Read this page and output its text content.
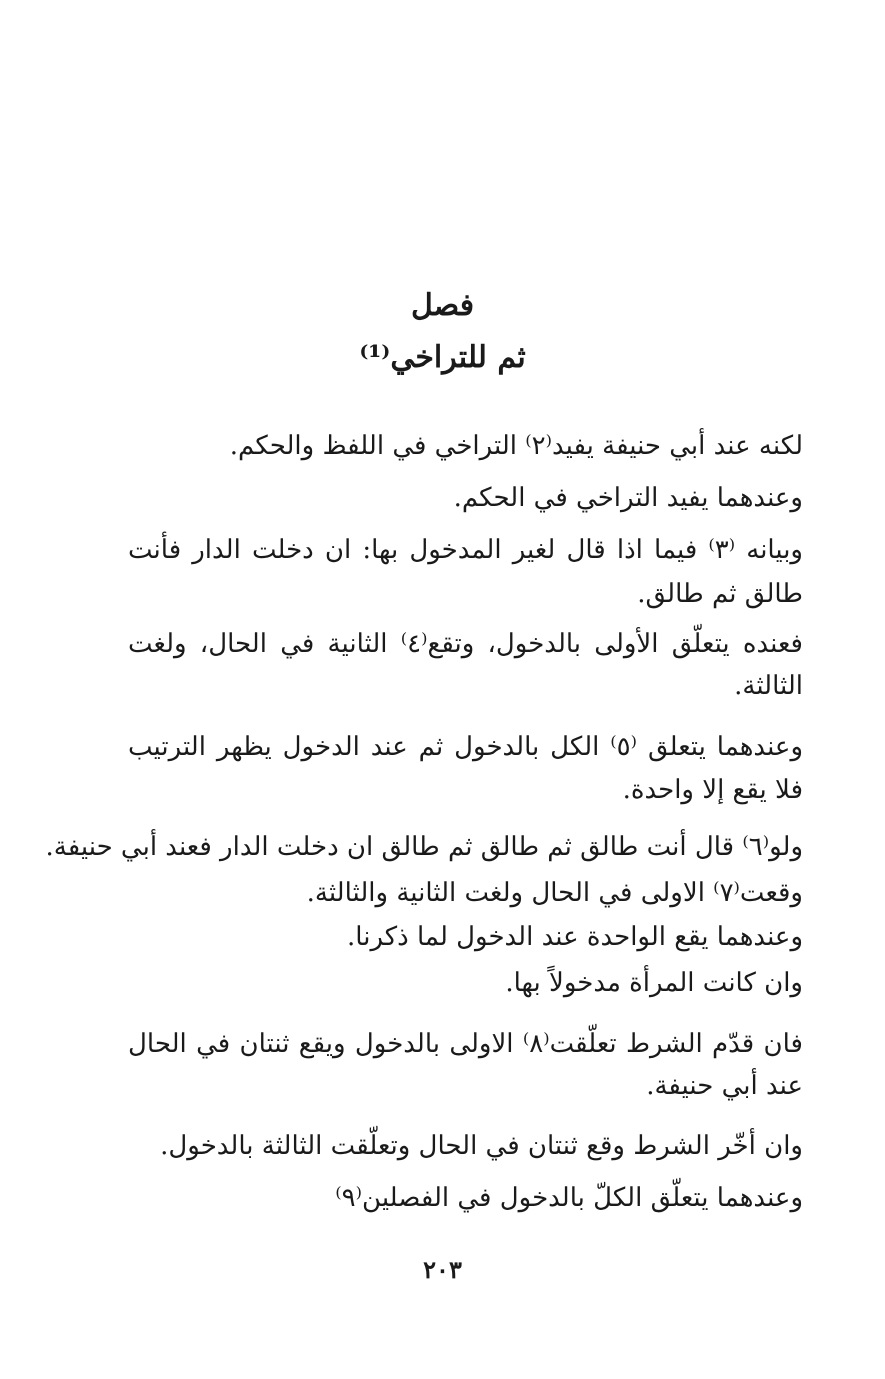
فصل
ثم للتراخي⁽¹⁾
لكنه عند أبي حنيفة يفيد⁽٢⁾ التراخي في اللفظ والحكم.
وعندهما يفيد التراخي في الحكم.
وبيانه ⁽٣⁾ فيما اذا قال لغير المدخول بها: ان دخلت الدار فأنت
طالق ثم طالق.
فعنده يتعلّق الأولى بالدخول، وتقع⁽٤⁾ الثانية في الحال، ولغت
الثالثة.
وعندهما يتعلق ⁽٥⁾ الكل بالدخول ثم عند الدخول يظهر الترتيب
فلا يقع إلا واحدة.
ولو⁽٦⁾ قال أنت طالق ثم طالق ثم طالق ان دخلت الدار فعند أبي حنيفة.
وقعت⁽٧⁾ الاولى في الحال ولغت الثانية والثالثة.
وعندهما يقع الواحدة عند الدخول لما ذكرنا.
وان كانت المرأة مدخولاً بها.
فان قدّم الشرط تعلّقت⁽٨⁾ الاولى بالدخول ويقع ثنتان في الحال
عند أبي حنيفة.
وان أخّر الشرط وقع ثنتان في الحال وتعلّقت الثالثة بالدخول.
وعندهما يتعلّق الكلّ بالدخول في الفصلين⁽٩⁾
٢٠٣
